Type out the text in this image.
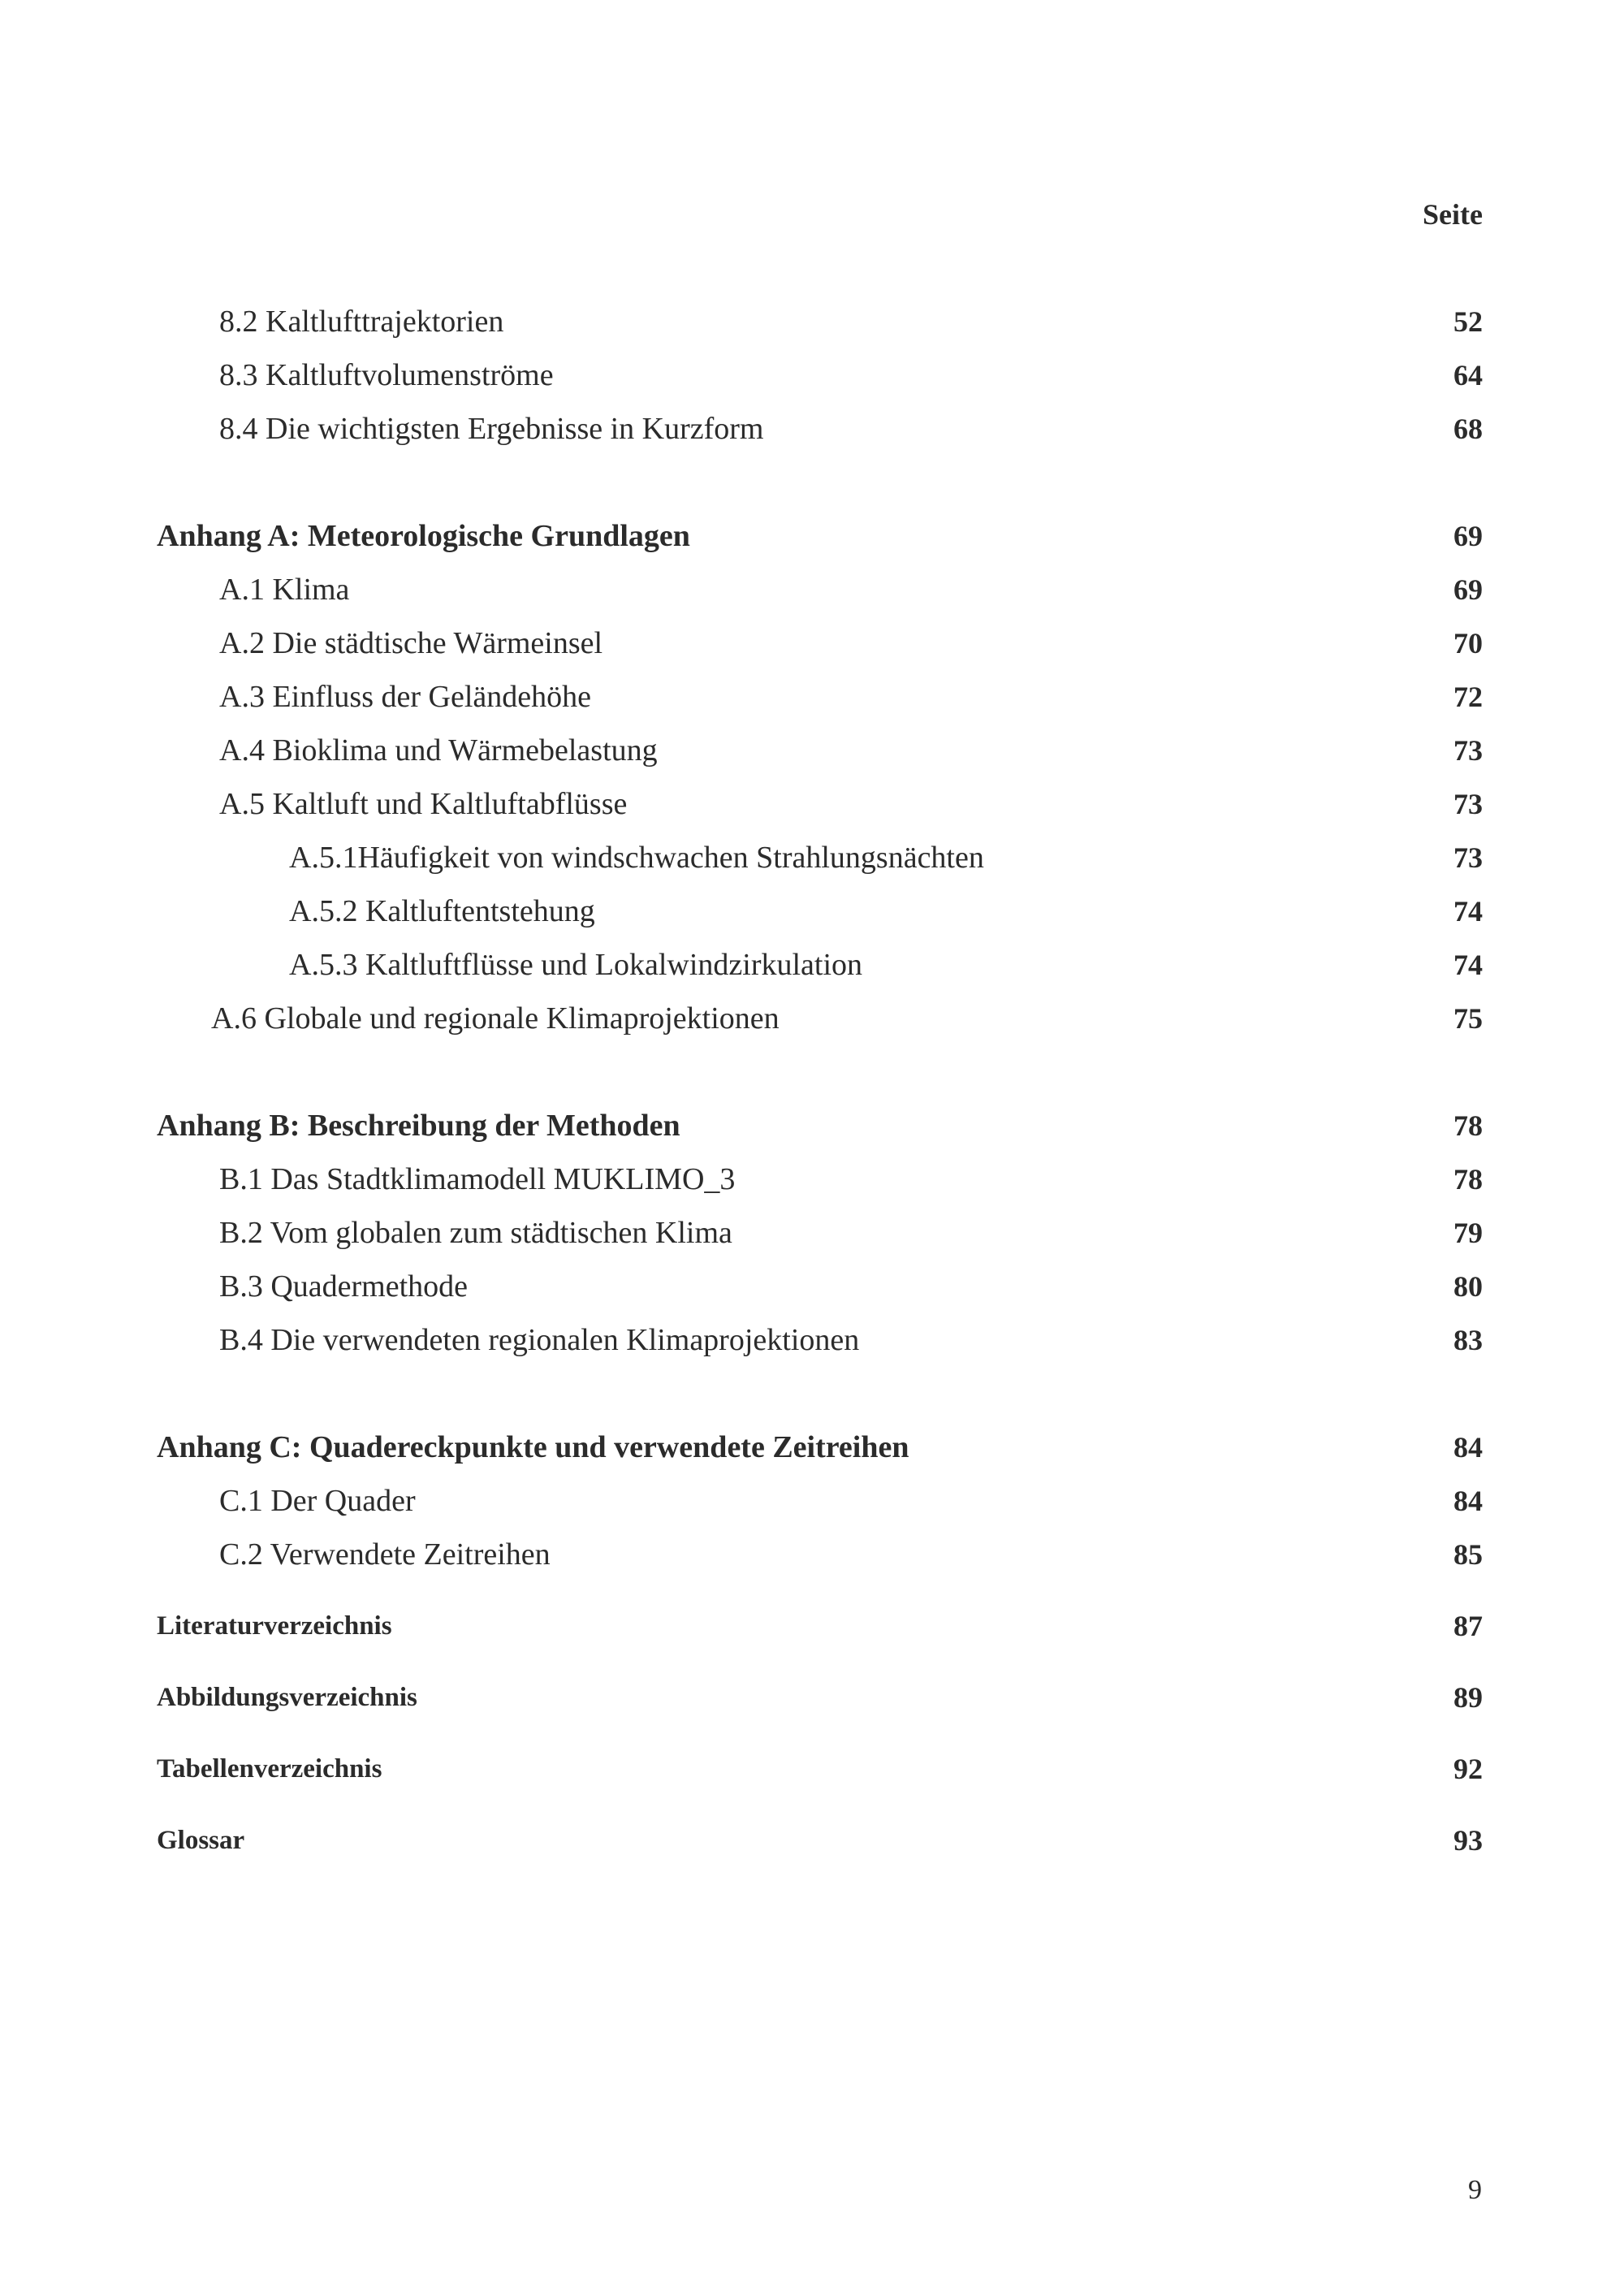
Seite
8.2 Kaltlufttrajektorien	52
8.3 Kaltluftvolumenströme	64
8.4 Die wichtigsten Ergebnisse in Kurzform	68
Anhang A: Meteorologische Grundlagen	69
A.1 Klima	69
A.2 Die städtische Wärmeinsel	70
A.3 Einfluss der Geländehöhe	72
A.4 Bioklima und Wärmebelastung	73
A.5 Kaltluft und Kaltluftabflüsse	73
A.5.1Häufigkeit von windschwachen Strahlungsnächten	73
A.5.2 Kaltluftentstehung	74
A.5.3 Kaltluftflüsse und Lokalwindzirkulation	74
A.6 Globale und regionale Klimaprojektionen	75
Anhang B: Beschreibung der Methoden	78
B.1 Das Stadtklimamodell MUKLIMO_3	78
B.2 Vom globalen zum städtischen Klima	79
B.3 Quadermethode	80
B.4 Die verwendeten regionalen Klimaprojektionen	83
Anhang C: Quadereckpunkte und verwendete Zeitreihen	84
C.1 Der Quader	84
C.2 Verwendete Zeitreihen	85
Literaturverzeichnis	87
Abbildungsverzeichnis	89
Tabellenverzeichnis	92
Glossar	93
9
